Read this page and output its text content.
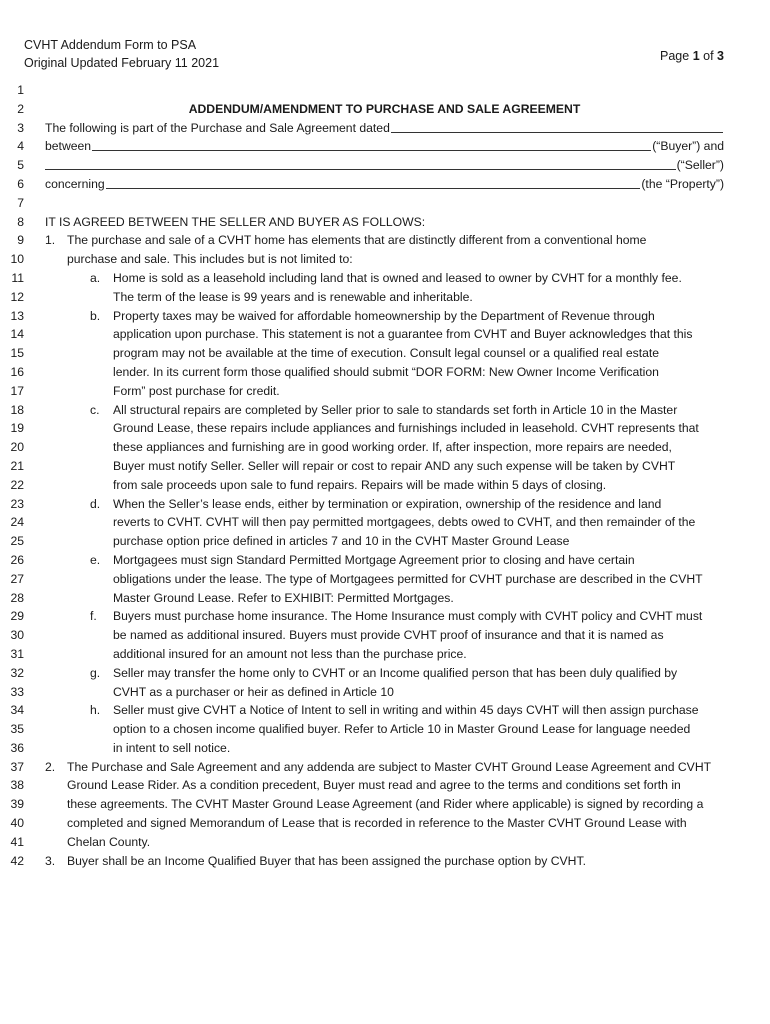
CVHT Addendum Form to PSA
Original Updated February 11 2021	Page 1 of 3
1
2	ADDENDUM/AMENDMENT TO PURCHASE AND SALE AGREEMENT
3 The following is part of the Purchase and Sale Agreement dated
4 between	(“Buyer”) and
5	(“Seller”)
6 concerning	(the “Property”)
7
8 IT IS AGREED BETWEEN THE SELLER AND BUYER AS FOLLOWS:
9 1. The purchase and sale of a CVHT home has elements that are distinctly different from a conventional home
10	purchase and sale. This includes but is not limited to:
11	a. Home is sold as a leasehold including land that is owned and leased to owner by CVHT for a monthly fee.
12	The term of the lease is 99 years and is renewable and inheritable.
13	b. Property taxes may be waived for affordable homeownership by the Department of Revenue through
14	application upon purchase. This statement is not a guarantee from CVHT and Buyer acknowledges that this
15	program may not be available at the time of execution. Consult legal counsel or a qualified real estate
16	lender. In its current form those qualified should submit “DOR FORM: New Owner Income Verification
17	Form” post purchase for credit.
18	c. All structural repairs are completed by Seller prior to sale to standards set forth in Article 10 in the Master
19	Ground Lease, these repairs include appliances and furnishings included in leasehold. CVHT represents that
20	these appliances and furnishing are in good working order. If, after inspection, more repairs are needed,
21	Buyer must notify Seller. Seller will repair or cost to repair AND any such expense will be taken by CVHT
22	from sale proceeds upon sale to fund repairs. Repairs will be made within 5 days of closing.
23	d. When the Seller’s lease ends, either by termination or expiration, ownership of the residence and land
24	reverts to CVHT. CVHT will then pay permitted mortgagees, debts owed to CVHT, and then remainder of the
25	purchase option price defined in articles 7 and 10 in the CVHT Master Ground Lease
26	e. Mortgagees must sign Standard Permitted Mortgage Agreement prior to closing and have certain
27	obligations under the lease. The type of Mortgagees permitted for CVHT purchase are described in the CVHT
28	Master Ground Lease. Refer to EXHIBIT: Permitted Mortgages.
29	f. Buyers must purchase home insurance. The Home Insurance must comply with CVHT policy and CVHT must
30	be named as additional insured. Buyers must provide CVHT proof of insurance and that it is named as
31	additional insured for an amount not less than the purchase price.
32	g. Seller may transfer the home only to CVHT or an Income qualified person that has been duly qualified by
33	CVHT as a purchaser or heir as defined in Article 10
34	h. Seller must give CVHT a Notice of Intent to sell in writing and within 45 days CVHT will then assign purchase
35	option to a chosen income qualified buyer. Refer to Article 10 in Master Ground Lease for language needed
36	in intent to sell notice.
37 2. The Purchase and Sale Agreement and any addenda are subject to Master CVHT Ground Lease Agreement and CVHT
38	Ground Lease Rider. As a condition precedent, Buyer must read and agree to the terms and conditions set forth in
39	these agreements. The CVHT Master Ground Lease Agreement (and Rider where applicable) is signed by recording a
40	completed and signed Memorandum of Lease that is recorded in reference to the Master CVHT Ground Lease with
41	Chelan County.
42 3. Buyer shall be an Income Qualified Buyer that has been assigned the purchase option by CVHT.
